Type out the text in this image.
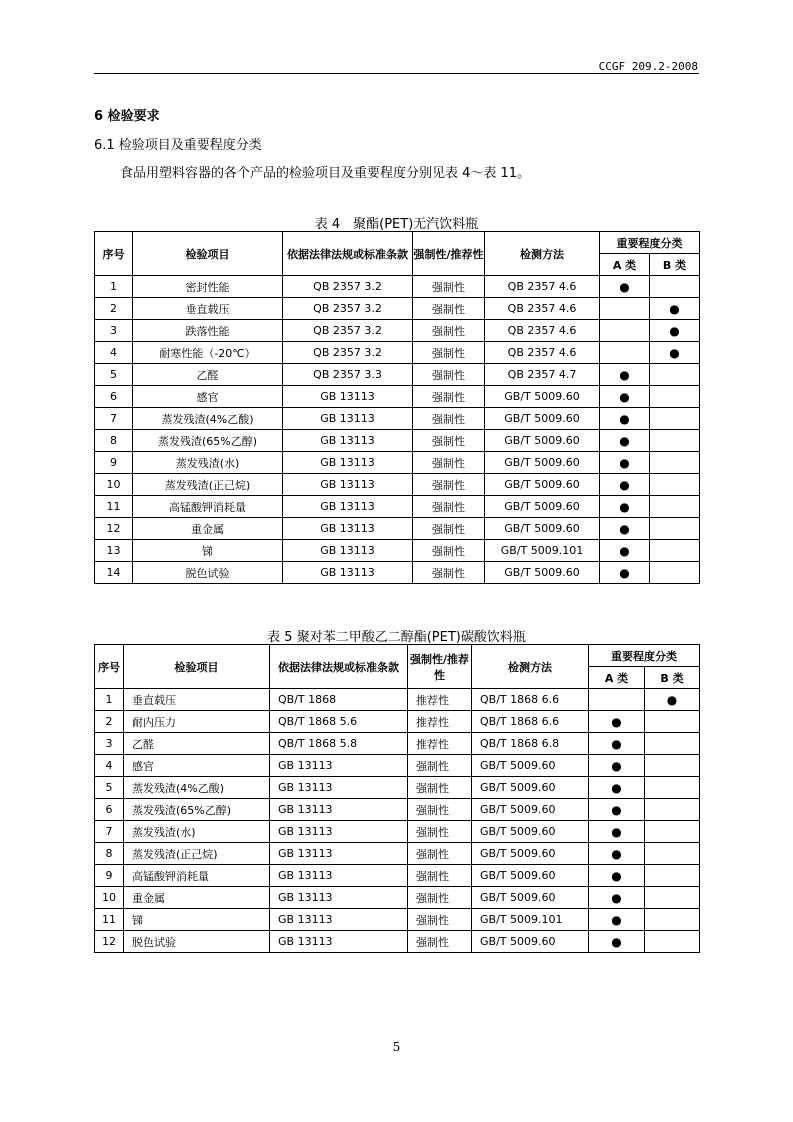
CCGF 209.2-2008
6 检验要求
6.1 检验项目及重要程度分类
食品用塑料容器的各个产品的检验项目及重要程度分别见表 4～表 11。
表 4　聚酯(PET)无汽饮料瓶
序号	检验项目	依据法律法规或标准条款	强制性/推荐性	检测方法	重要程度分类	
					A 类	B 类
1	密封性能	QB 2357 3.2	强制性	QB 2357 4.6	●	
2	垂直载压	QB 2357 3.2	强制性	QB 2357 4.6		●
3	跌落性能	QB 2357 3.2	强制性	QB 2357 4.6		●
4	耐寒性能（-20℃）	QB 2357 3.2	强制性	QB 2357 4.6		●
5	乙醛	QB 2357 3.3	强制性	QB 2357 4.7	●	
6	感官	GB 13113	强制性	GB/T 5009.60	●	
7	蒸发残渣(4%乙酸)	GB 13113	强制性	GB/T 5009.60	●	
8	蒸发残渣(65%乙醇)	GB 13113	强制性	GB/T 5009.60	●	
9	蒸发残渣(水)	GB 13113	强制性	GB/T 5009.60	●	
10	蒸发残渣(正己烷)	GB 13113	强制性	GB/T 5009.60	●	
11	高锰酸钾消耗量	GB 13113	强制性	GB/T 5009.60	●	
12	重金属	GB 13113	强制性	GB/T 5009.60	●	
13	锑	GB 13113	强制性	GB/T 5009.101	●	
14	脱色试验	GB 13113	强制性	GB/T 5009.60	●	
表 5 聚对苯二甲酸乙二醇酯(PET)碳酸饮料瓶
序号	检验项目	依据法律法规或标准条款	强制性/推荐性	检测方法	重要程度分类	
					A 类	B 类
1	垂直载压	QB/T 1868	推荐性	QB/T 1868 6.6		●
2	耐内压力	QB/T 1868 5.6	推荐性	QB/T 1868 6.6	●	
3	乙醛	QB/T 1868 5.8	推荐性	QB/T 1868 6.8	●	
4	感官	GB 13113	强制性	GB/T 5009.60	●	
5	蒸发残渣(4%乙酸)	GB 13113	强制性	GB/T 5009.60	●	
6	蒸发残渣(65%乙醇)	GB 13113	强制性	GB/T 5009.60	●	
7	蒸发残渣(水)	GB 13113	强制性	GB/T 5009.60	●	
8	蒸发残渣(正己烷)	GB 13113	强制性	GB/T 5009.60	●	
9	高锰酸钾消耗量	GB 13113	强制性	GB/T 5009.60	●	
10	重金属	GB 13113	强制性	GB/T 5009.60	●	
11	锑	GB 13113	强制性	GB/T 5009.101	●	
12	脱色试验	GB 13113	强制性	GB/T 5009.60	●	
5
